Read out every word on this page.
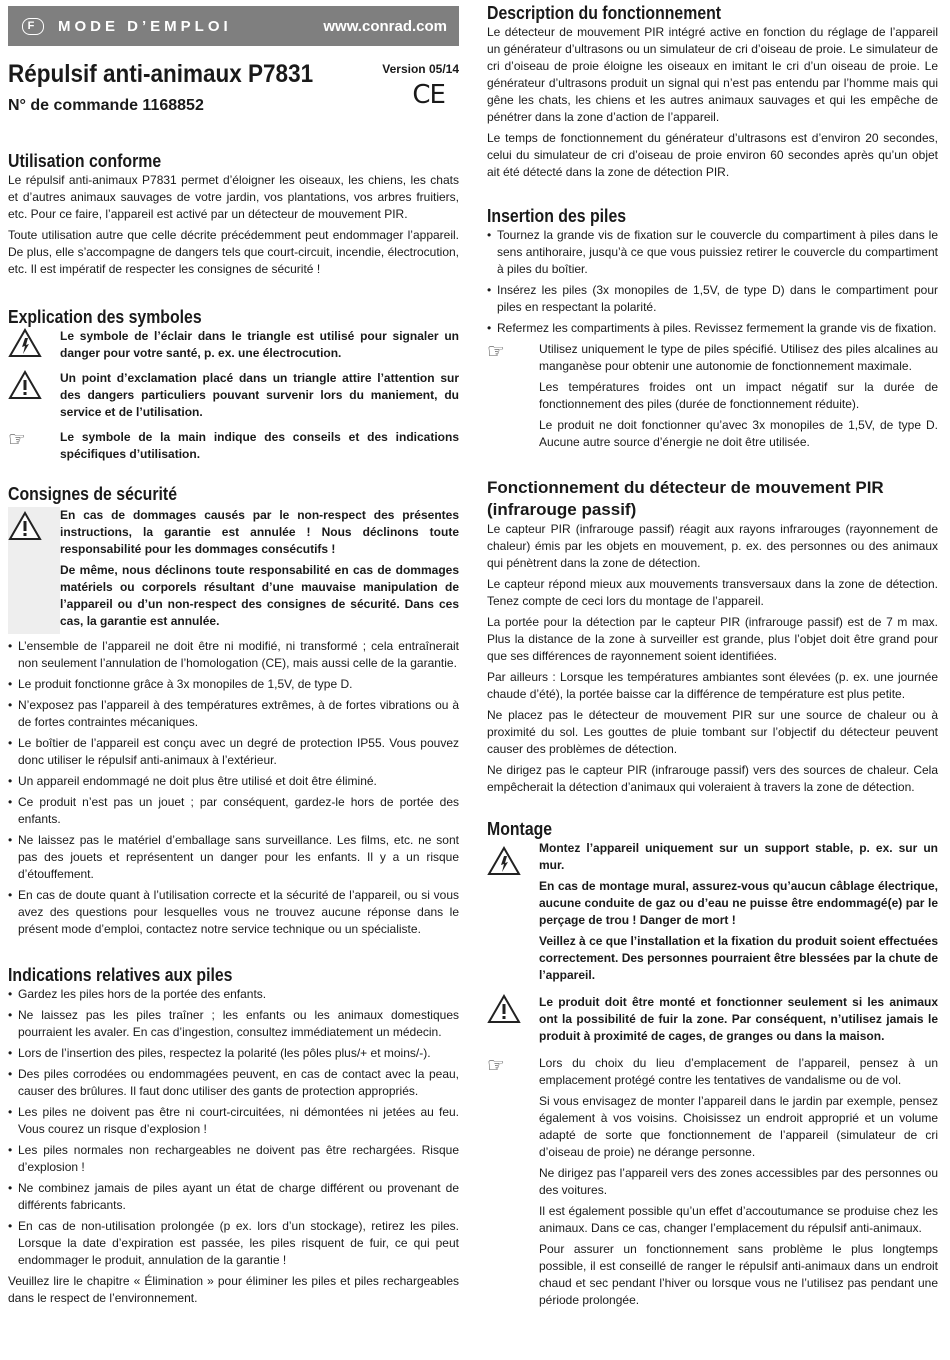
F	MODE D’EMPLOI	www.conrad.com
Répulsif anti-animaux P7831
N° de commande 1168852
Version 05/14
CE
Utilisation conforme

Le répulsif anti-animaux P7831 permet d’éloigner les oiseaux, les chiens, les chats et d’autres animaux sauvages de votre jardin, vos plantations, vos arbres fruitiers, etc. Pour ce faire, l’appareil est activé par un détecteur de mouvement PIR.

Toute utilisation autre que celle décrite précédemment peut endommager l’appareil. De plus, elle s’accompagne de dangers tels que court-circuit, incendie, électrocution, etc. Il est impératif de respecter les consignes de sécurité !

Explication des symboles

Le symbole de l’éclair dans le triangle est utilisé pour signaler un danger pour votre santé, p. ex. une électrocution.

Un point d’exclamation placé dans un triangle attire l’attention sur des dangers particuliers pouvant survenir lors du maniement, du service et de l’utilisation.

☞	Le symbole de la main indique des conseils et des indications spécifiques d’utilisation.

Consignes de sécurité

En cas de dommages causés par le non-respect des présentes instructions, la garantie est annulée ! Nous déclinons toute responsabilité pour les dommages consécutifs !

De même, nous déclinons toute responsabilité en cas de dommages matériels ou corporels résultant d’une mauvaise manipulation de l’appareil ou d’un non-respect des consignes de sécurité. Dans ces cas, la garantie est annulée.

• L’ensemble de l’appareil ne doit être ni modifié, ni transformé ; cela entraînerait non seulement l’annulation de l’homologation (CE), mais aussi celle de la garantie.
• Le produit fonctionne grâce à 3x monopiles de 1,5V, de type D.
• N’exposez pas l’appareil à des températures extrêmes, à de fortes vibrations ou à de fortes contraintes mécaniques.
• Le boîtier de l’appareil est conçu avec un degré de protection IP55. Vous pouvez donc utiliser le répulsif anti-animaux à l’extérieur.
• Un appareil endommagé ne doit plus être utilisé et doit être éliminé.
• Ce produit n’est pas un jouet ; par conséquent, gardez-le hors de portée des enfants.
• Ne laissez pas le matériel d’emballage sans surveillance. Les films, etc. ne sont pas des jouets et représentent un danger pour les enfants. Il y a un risque d’étouffement.
• En cas de doute quant à l’utilisation correcte et la sécurité de l’appareil, ou si vous avez des questions pour lesquelles vous ne trouvez aucune réponse dans le présent mode d’emploi, contactez notre service technique ou un spécialiste.
Indications relatives aux piles
• Gardez les piles hors de la portée des enfants.
• Ne laissez pas les piles traîner ; les enfants ou les animaux domestiques pourraient les avaler. En cas d’ingestion, consultez immédiatement un médecin.
• Lors de l’insertion des piles, respectez la polarité (les pôles plus/+ et moins/-).
• Des piles corrodées ou endommagées peuvent, en cas de contact avec la peau, causer des brûlures. Il faut donc utiliser des gants de protection appropriés.
• Les piles ne doivent pas être ni court-circuitées, ni démontées ni jetées au feu. Vous courez un risque d’explosion !
• Les piles normales non rechargeables ne doivent pas être rechargées. Risque d’explosion !
• Ne combinez jamais de piles ayant un état de charge différent ou provenant de différents fabricants.
• En cas de non-utilisation prolongée (p ex. lors d’un stockage), retirez les piles. Lorsque la date d’expiration est passée, les piles risquent de fuir, ce qui peut endommager le produit, annulation de la garantie !

Veuillez lire le chapitre « Élimination » pour éliminer les piles et piles rechargeables dans le respect de l’environnement.

Description du fonctionnement

Le détecteur de mouvement PIR intégré active en fonction du réglage de l’appareil un générateur d’ultrasons ou un simulateur de cri d’oiseau de proie. Le simulateur de cri d’oiseau de proie éloigne les oiseaux en imitant le cri d’un oiseau de proie. Le générateur d’ultrasons produit un signal qui n’est pas entendu par l’homme mais qui gêne les chats, les chiens et les autres animaux sauvages et qui les empêche de pénétrer dans la zone d’action de l’appareil.

Le temps de fonctionnement du générateur d’ultrasons est d’environ 20 secondes, celui du simulateur de cri d’oiseau de proie environ 60 secondes après qu’un objet ait été détecté dans la zone de détection PIR.

Insertion des piles
• Tournez la grande vis de fixation sur le couvercle du compartiment à piles dans le sens antihoraire, jusqu’à ce que vous puissiez retirer le couvercle du compartiment à piles du boîtier.
• Insérez les piles (3x monopiles de 1,5V, de type D) dans le compartiment pour piles en respectant la polarité.
• Refermez les compartiments à piles. Revissez fermement la grande vis de fixation.
☞	Utilisez uniquement le type de piles spécifié. Utilisez des piles alcalines au manganèse pour obtenir une autonomie de fonctionnement maximale.

Les températures froides ont un impact négatif sur la durée de fonctionnement des piles (durée de fonctionnement réduite).

Le produit ne doit fonctionner qu’avec 3x monopiles de 1,5V, de type D. Aucune autre source d’énergie ne doit être utilisée.

Fonctionnement du détecteur de mouvement PIR (infrarouge passif)

Le capteur PIR (infrarouge passif) réagit aux rayons infrarouges (rayonnement de chaleur) émis par les objets en mouvement, p. ex. des personnes ou des animaux qui pénètrent dans la zone de détection.

Le capteur répond mieux aux mouvements transversaux dans la zone de détection. Tenez compte de ceci lors du montage de l’appareil.

La portée pour la détection par le capteur PIR (infrarouge passif) est de 7 m max. Plus la distance de la zone à surveiller est grande, plus l’objet doit être grand pour que ses différences de rayonnement soient identifiées.

Par ailleurs : Lorsque les températures ambiantes sont élevées (p. ex. une journée chaude d’été), la portée baisse car la différence de température est plus petite.

Ne placez pas le détecteur de mouvement PIR sur une source de chaleur ou à proximité du sol. Les gouttes de pluie tombant sur l’objectif du détecteur peuvent causer des problèmes de détection.

Ne dirigez pas le capteur PIR (infrarouge passif) vers des sources de chaleur. Cela empêcherait la détection d’animaux qui voleraient à travers la zone de détection.

Montage

Montez l’appareil uniquement sur un support stable, p. ex. sur un mur.

En cas de montage mural, assurez-vous qu’aucun câblage électrique, aucune conduite de gaz ou d’eau ne puisse être endommagé(e) par le perçage de trou ! Danger de mort !

Veillez à ce que l’installation et la fixation du produit soient effectuées correctement. Des personnes pourraient être blessées par la chute de l’appareil.

Le produit doit être monté et fonctionner seulement si les animaux ont la possibilité de fuir la zone. Par conséquent, n’utilisez jamais le produit à proximité de cages, de granges ou dans la maison.

☞	Lors du choix du lieu d’emplacement de l’appareil, pensez à un emplacement protégé contre les tentatives de vandalisme ou de vol.

Si vous envisagez de monter l’appareil dans le jardin par exemple, pensez également à vos voisins. Choisissez un endroit approprié et un volume adapté de sorte que fonctionnement de l’appareil (simulateur de cri d’oiseau de proie) ne dérange personne.

Ne dirigez pas l’appareil vers des zones accessibles par des personnes ou des voitures.

Il est également possible qu’un effet d’accoutumance se produise chez les animaux. Dans ce cas, changer l’emplacement du répulsif anti-animaux.

Pour assurer un fonctionnement sans problème le plus longtemps possible, il est conseillé de ranger le répulsif anti-animaux dans un endroit chaud et sec pendant l’hiver ou lorsque vous ne l’utilisez pas pendant une période prolongée.
